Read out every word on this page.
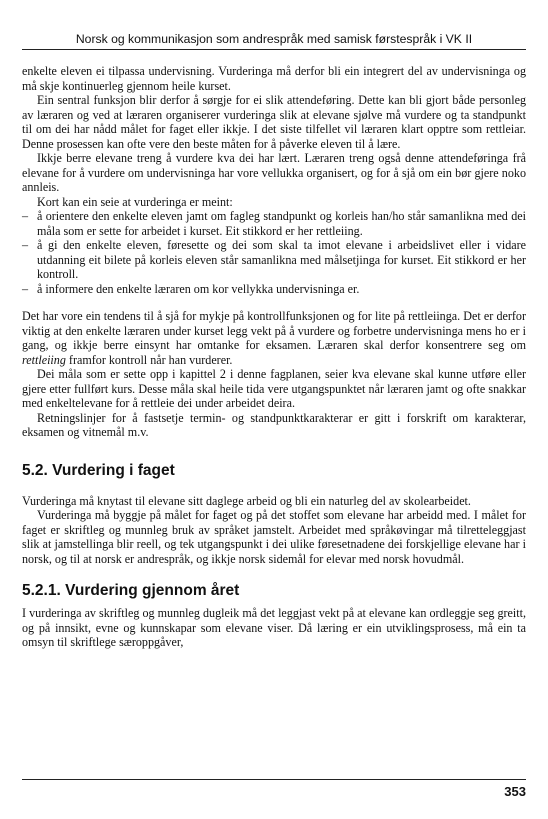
Norsk og kommunikasjon som andrespråk med samisk førstespråk i VK II

enkelte eleven ei tilpassa undervisning. Vurderinga må derfor bli ein integrert del av undervisninga og må skje kontinuerleg gjennom heile kurset.

Ein sentral funksjon blir derfor å sørgje for ei slik attendeføring. Dette kan bli gjort både personleg av læraren og ved at læraren organiserer vurderinga slik at elevane sjølve må vurdere og ta standpunkt til om dei har nådd målet for faget eller ikkje. I det siste tilfellet vil læraren klart opptre som rettleiar. Denne prosessen kan ofte vere den beste måten for å påverke eleven til å lære.

Ikkje berre elevane treng å vurdere kva dei har lært. Læraren treng også denne attendeføringa frå elevane for å vurdere om undervisninga har vore vellukka organisert, og for å sjå om ein bør gjere noko annleis.

Kort kan ein seie at vurderinga er meint:

– å orientere den enkelte eleven jamt om fagleg standpunkt og korleis han/ho står samanlikna med dei måla som er sette for arbeidet i kurset. Eit stikkord er her rettleiing.
– å gi den enkelte eleven, føresette og dei som skal ta imot elevane i arbeidslivet eller i vidare utdanning eit bilete på korleis eleven står samanlikna med målsetjinga for kurset. Eit stikkord er her kontroll.
– å informere den enkelte læraren om kor vellykka undervisninga er.

Det har vore ein tendens til å sjå for mykje på kontrollfunksjonen og for lite på rettleiinga. Det er derfor viktig at den enkelte læraren under kurset legg vekt på å vurdere og forbetre undervisninga mens ho er i gang, og ikkje berre einsynt har omtanke for eksamen. Læraren skal derfor konsentrere seg om rettleiing framfor kontroll når han vurderer.

Dei måla som er sette opp i kapittel 2 i denne fagplanen, seier kva elevane skal kunne utføre eller gjere etter fullført kurs. Desse måla skal heile tida vere utgangspunktet når læraren jamt og ofte snakkar med enkeltelevane for å rettleie dei under arbeidet deira.

Retningslinjer for å fastsetje termin- og standpunktkarakterar er gitt i forskrift om karakterar, eksamen og vitnemål m.v.

5.2. Vurdering i faget

Vurderinga må knytast til elevane sitt daglege arbeid og bli ein naturleg del av skolearbeidet.

Vurderinga må byggje på målet for faget og på det stoffet som elevane har arbeidd med. I målet for faget er skriftleg og munnleg bruk av språket jamstelt. Arbeidet med språkøvingar må tilretteleggjast slik at jamstellinga blir reell, og tek utgangspunkt i dei ulike føresetnadene dei forskjellige elevane har i norsk, og til at norsk er andrespråk, og ikkje norsk sidemål for elevar med norsk hovudmål.

5.2.1. Vurdering gjennom året

I vurderinga av skriftleg og munnleg dugleik må det leggjast vekt på at elevane kan ordleggje seg greitt, og på innsikt, evne og kunnskapar som elevane viser. Då læring er ein utviklingsprosess, må ein ta omsyn til skriftlege særoppgåver,

353
